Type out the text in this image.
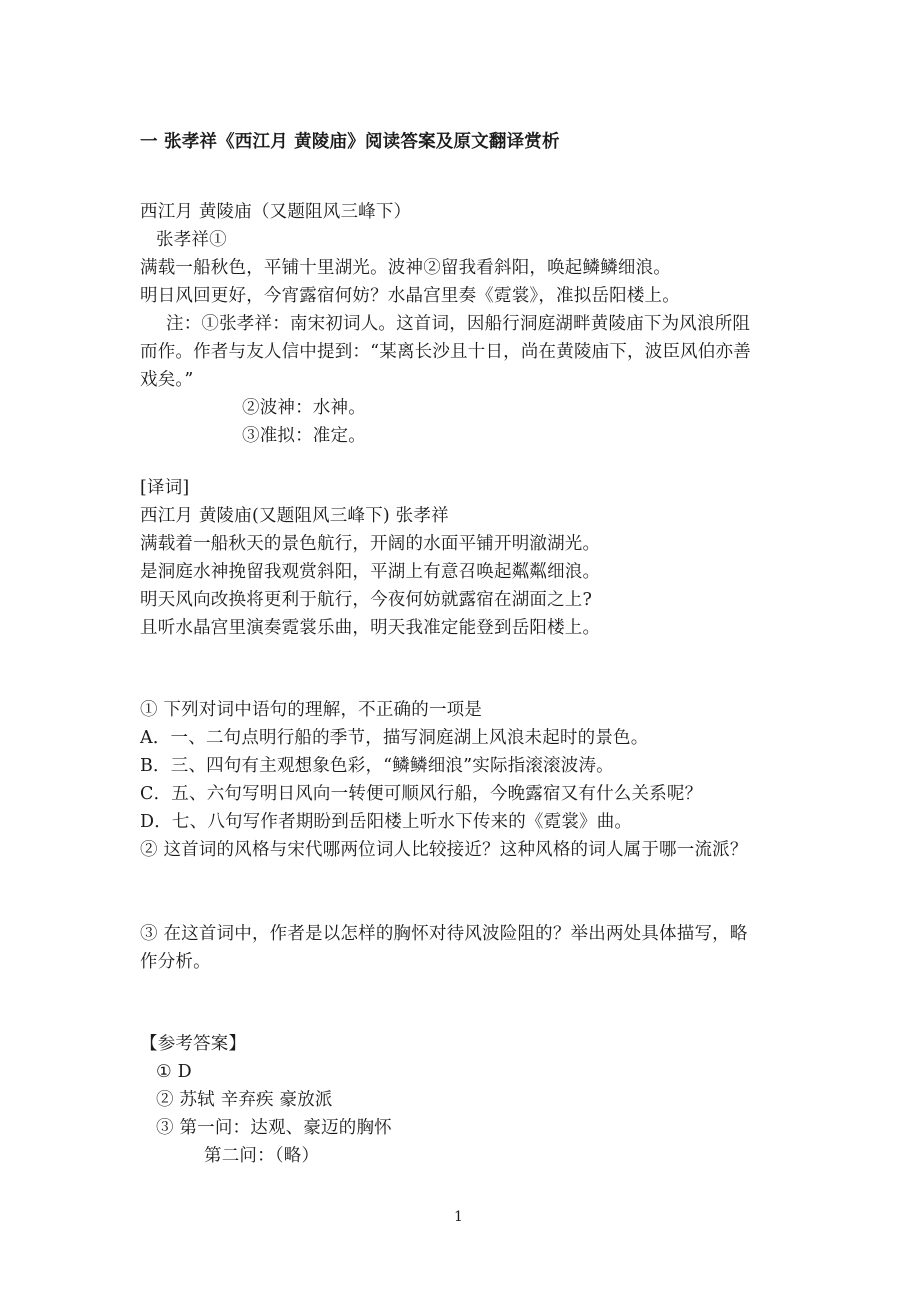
一 张孝祥《西江月 黄陵庙》阅读答案及原文翻译赏析
西江月 黄陵庙（又题阻风三峰下）
张孝祥①
满载一船秋色，平铺十里湖光。波神②留我看斜阳，唤起鳞鳞细浪。
明日风回更好，今宵露宿何妨？水晶宫里奏《霓裳》，准拟岳阳楼上。
注：①张孝祥：南宋初词人。这首词，因船行洞庭湖畔黄陵庙下为风浪所阻
而作。作者与友人信中提到：“某离长沙且十日，尚在黄陵庙下，波臣风伯亦善
戏矣。”
②波神：水神。
③准拟：准定。
[译词]
西江月 黄陵庙(又题阻风三峰下) 张孝祥
满载着一船秋天的景色航行，开阔的水面平铺开明澈湖光。
是洞庭水神挽留我观赏斜阳，平湖上有意召唤起粼粼细浪。
明天风向改换将更利于航行，今夜何妨就露宿在湖面之上?
且听水晶宫里演奏霓裳乐曲，明天我准定能登到岳阳楼上。
① 下列对词中语句的理解，不正确的一项是
A．一、二句点明行船的季节，描写洞庭湖上风浪未起时的景色。
B．三、四句有主观想象色彩，“鳞鳞细浪”实际指滚滚波涛。
C．五、六句写明日风向一转便可顺风行船，今晚露宿又有什么关系呢？
D．七、八句写作者期盼到岳阳楼上听水下传来的《霓裳》曲。
② 这首词的风格与宋代哪两位词人比较接近？这种风格的词人属于哪一流派？
③ 在这首词中，作者是以怎样的胸怀对待风波险阻的？举出两处具体描写，略
作分析。
【参考答案】
① D
② 苏轼 辛弃疾 豪放派
③ 第一问：达观、豪迈的胸怀
第二问：（略）
1
